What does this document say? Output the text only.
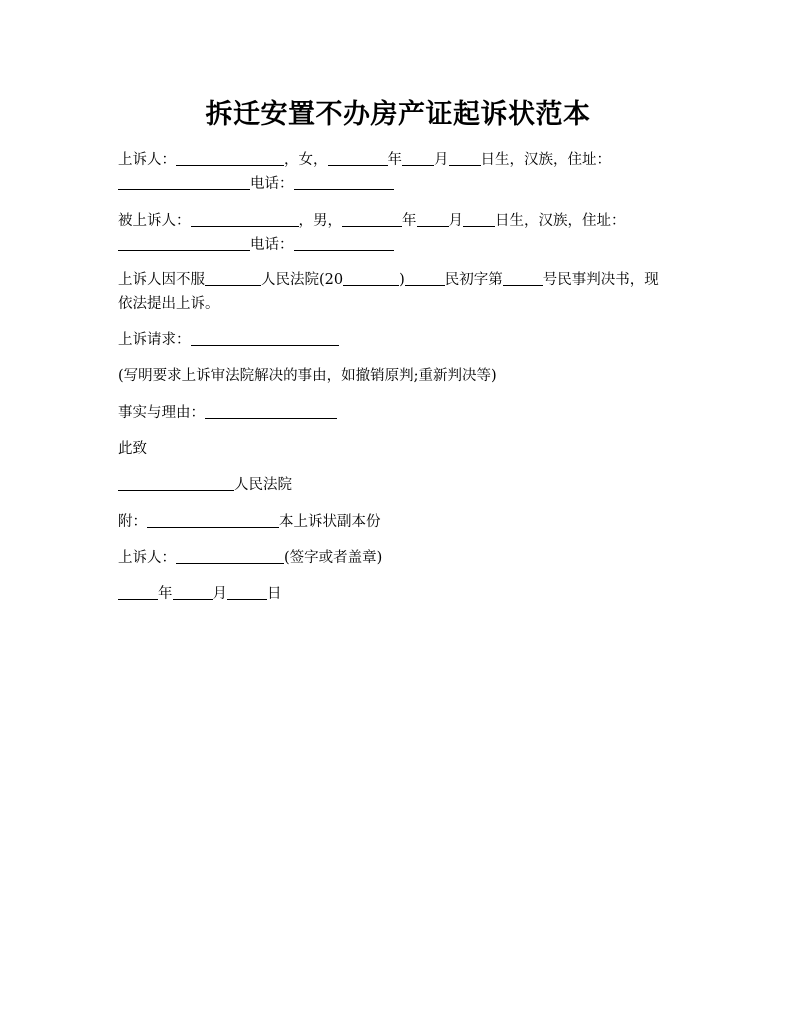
拆迁安置不办房产证起诉状范本
上诉人：	，女，	年 月 日生，汉族，住址：
电话：
被上诉人：	，男，	年 月 日生，汉族，住址：
电话：
上诉人因不服	人民法院(20	)	民初字第	号民事判决书，现
依法提出上诉。
上诉请求：
(写明要求上诉审法院解决的事由，如撤销原判;重新判决等)
事实与理由：
此致
人民法院
附：	本上诉状副本份
上诉人：	(签字或者盖章)
年	月	日
